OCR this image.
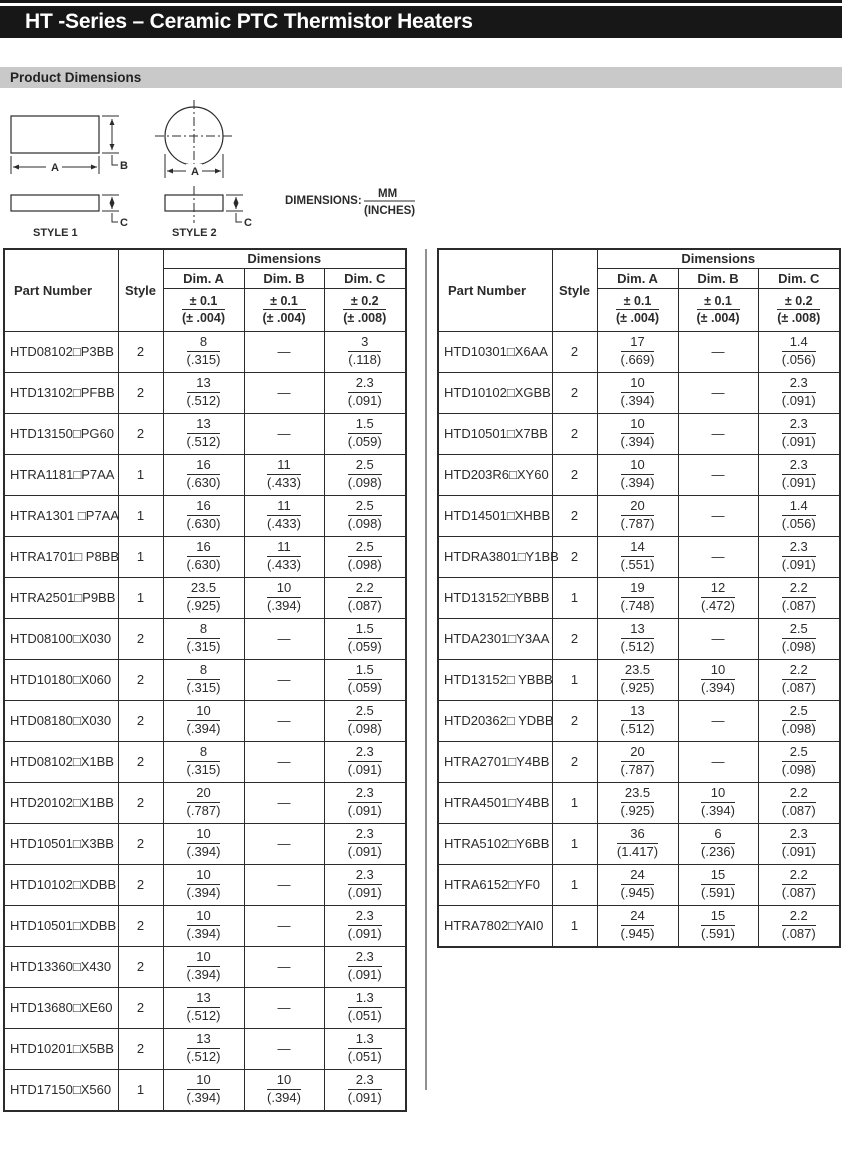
HT -Series – Ceramic PTC Thermistor Heaters
Product Dimensions
B
A
C
A
C
STYLE 1	STYLE 2
DIMENSIONS:
MM
(INCHES)
Part Number	Style	Dimensions		
		Dim. A	Dim. B	Dim. C

		$\frac{\pm 0.1}{(\pm .004)}$	$\frac{\pm 0.1}{(\pm .004)}$	$\frac{\pm 0.2}{(\pm .008)}$

HTD08102□P3BB	2	$\frac{8}{(.315)}$	—	$\frac{3}{(.118)}$

HTD13102□PFBB	2	$\frac{13}{(.512)}$	—	$\frac{2.3}{(.091)}$

HTD13150□PG60	2	$\frac{13}{(.512)}$	—	$\frac{1.5}{(.059)}$

HTRA1181□P7AA	1	$\frac{16}{(.630)}$	$\frac{11}{(.433)}$	$\frac{2.5}{(.098)}$

HTRA1301 □P7AA	1	$\frac{16}{(.630)}$	$\frac{11}{(.433)}$	$\frac{2.5}{(.098)}$

HTRA1701□ P8BB	1	$\frac{16}{(.630)}$	$\frac{11}{(.433)}$	$\frac{2.5}{(.098)}$

HTRA2501□P9BB	1	$\frac{23.5}{(.925)}$	$\frac{10}{(.394)}$	$\frac{2.2}{(.087)}$

HTD08100□X030	2	$\frac{8}{(.315)}$	—	$\frac{1.5}{(.059)}$

HTD10180□X060	2	$\frac{8}{(.315)}$	—	$\frac{1.5}{(.059)}$

HTD08180□X030	2	$\frac{10}{(.394)}$	—	$\frac{2.5}{(.098)}$

HTD08102□X1BB	2	$\frac{8}{(.315)}$	—	$\frac{2.3}{(.091)}$

HTD20102□X1BB	2	$\frac{20}{(.787)}$	—	$\frac{2.3}{(.091)}$

HTD10501□X3BB	2	$\frac{10}{(.394)}$	—	$\frac{2.3}{(.091)}$

HTD10102□XDBB	2	$\frac{10}{(.394)}$	—	$\frac{2.3}{(.091)}$

HTD10501□XDBB	2	$\frac{10}{(.394)}$	—	$\frac{2.3}{(.091)}$

HTD13360□X430	2	$\frac{10}{(.394)}$	—	$\frac{2.3}{(.091)}$

HTD13680□XE60	2	$\frac{13}{(.512)}$	—	$\frac{1.3}{(.051)}$

HTD10201□X5BB	2	$\frac{13}{(.512)}$	—	$\frac{1.3}{(.051)}$

HTD17150□X560	1	$\frac{10}{(.394)}$	$\frac{10}{(.394)}$	$\frac{2.3}{(.091)}$
Part Number	Style	Dimensions		
		Dim. A	Dim. B	Dim. C

		$\frac{\pm 0.1}{(\pm .004)}$	$\frac{\pm 0.1}{(\pm .004)}$	$\frac{\pm 0.2}{(\pm .008)}$

HTD10301□X6AA	2	$\frac{17}{(.669)}$	—	$\frac{1.4}{(.056)}$

HTD10102□XGBB	2	$\frac{10}{(.394)}$	—	$\frac{2.3}{(.091)}$

HTD10501□X7BB	2	$\frac{10}{(.394)}$	—	$\frac{2.3}{(.091)}$

HTD203R6□XY60	2	$\frac{10}{(.394)}$	—	$\frac{2.3}{(.091)}$

HTD14501□XHBB	2	$\frac{20}{(.787)}$	—	$\frac{1.4}{(.056)}$

HTDRA3801□Y1BB	2	$\frac{14}{(.551)}$	—	$\frac{2.3}{(.091)}$

HTD13152□YBBB	1	$\frac{19}{(.748)}$	$\frac{12}{(.472)}$	$\frac{2.2}{(.087)}$

HTDA2301□Y3AA	2	$\frac{13}{(.512)}$	—	$\frac{2.5}{(.098)}$

HTD13152□ YBBB	1	$\frac{23.5}{(.925)}$	$\frac{10}{(.394)}$	$\frac{2.2}{(.087)}$

HTD20362□ YDBB	2	$\frac{13}{(.512)}$	—	$\frac{2.5}{(.098)}$

HTRA2701□Y4BB	2	$\frac{20}{(.787)}$	—	$\frac{2.5}{(.098)}$

HTRA4501□Y4BB	1	$\frac{23.5}{(.925)}$	$\frac{10}{(.394)}$	$\frac{2.2}{(.087)}$

HTRA5102□Y6BB	1	$\frac{36}{(1.417)}$	$\frac{6}{(.236)}$	$\frac{2.3}{(.091)}$

HTRA6152□YF0	1	$\frac{24}{(.945)}$	$\frac{15}{(.591)}$	$\frac{2.2}{(.087)}$

HTRA7802□YAI0	1	$\frac{24}{(.945)}$	$\frac{15}{(.591)}$	$\frac{2.2}{(.087)}$
